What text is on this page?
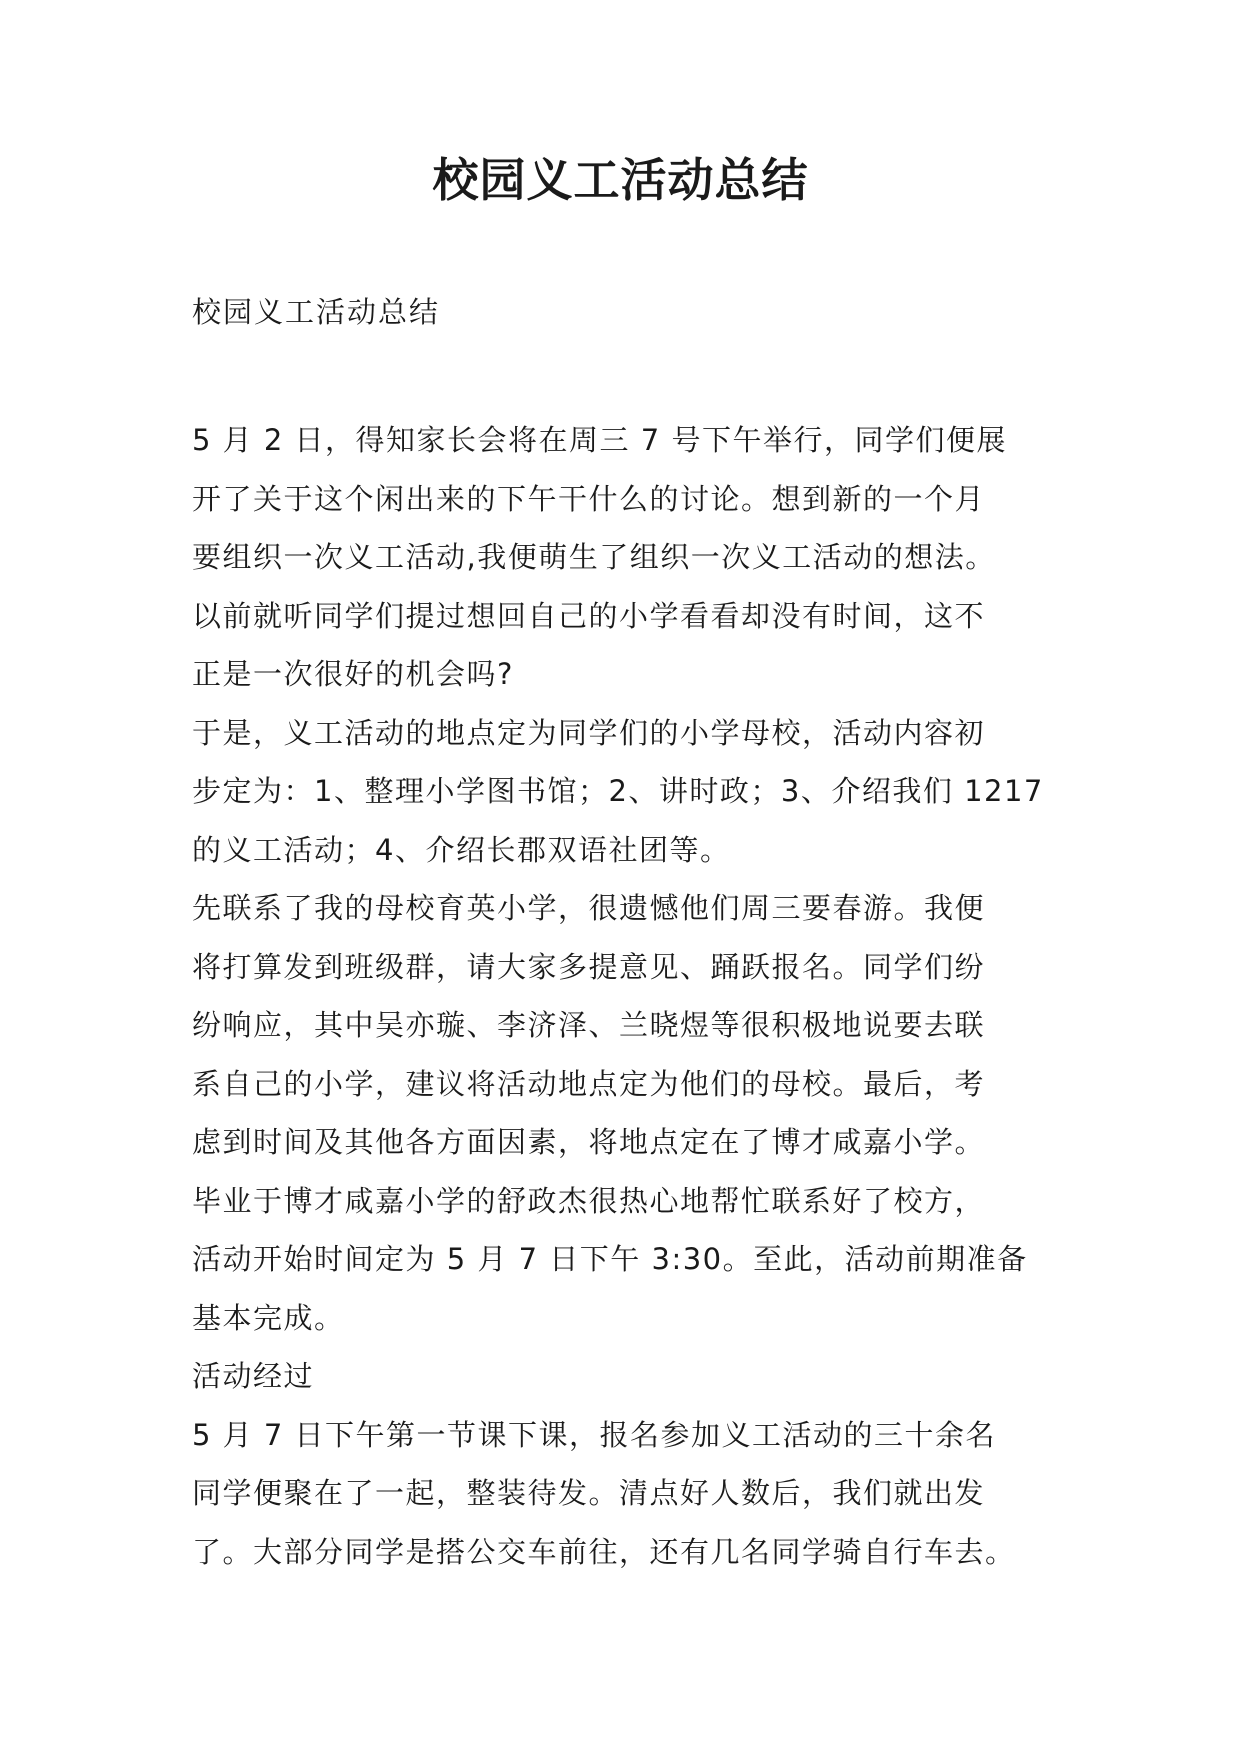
校园义工活动总结

校园义工活动总结

5 月 2 日，得知家长会将在周三 7 号下午举行，同学们便展
开了关于这个闲出来的下午干什么的讨论。想到新的一个月
要组织一次义工活动,我便萌生了组织一次义工活动的想法。
以前就听同学们提过想回自己的小学看看却没有时间，这不
正是一次很好的机会吗?
于是，义工活动的地点定为同学们的小学母校，活动内容初
步定为：1、整理小学图书馆；2、讲时政；3、介绍我们 1217
的义工活动；4、介绍长郡双语社团等。
先联系了我的母校育英小学，很遗憾他们周三要春游。我便
将打算发到班级群，请大家多提意见、踊跃报名。同学们纷
纷响应，其中吴亦璇、李济泽、兰晓煜等很积极地说要去联
系自己的小学，建议将活动地点定为他们的母校。最后，考
虑到时间及其他各方面因素，将地点定在了博才咸嘉小学。
毕业于博才咸嘉小学的舒政杰很热心地帮忙联系好了校方，
活动开始时间定为 5 月 7 日下午 3:30。至此，活动前期准备
基本完成。
活动经过
5 月 7 日下午第一节课下课，报名参加义工活动的三十余名
同学便聚在了一起，整装待发。清点好人数后，我们就出发
了。大部分同学是搭公交车前往，还有几名同学骑自行车去。
